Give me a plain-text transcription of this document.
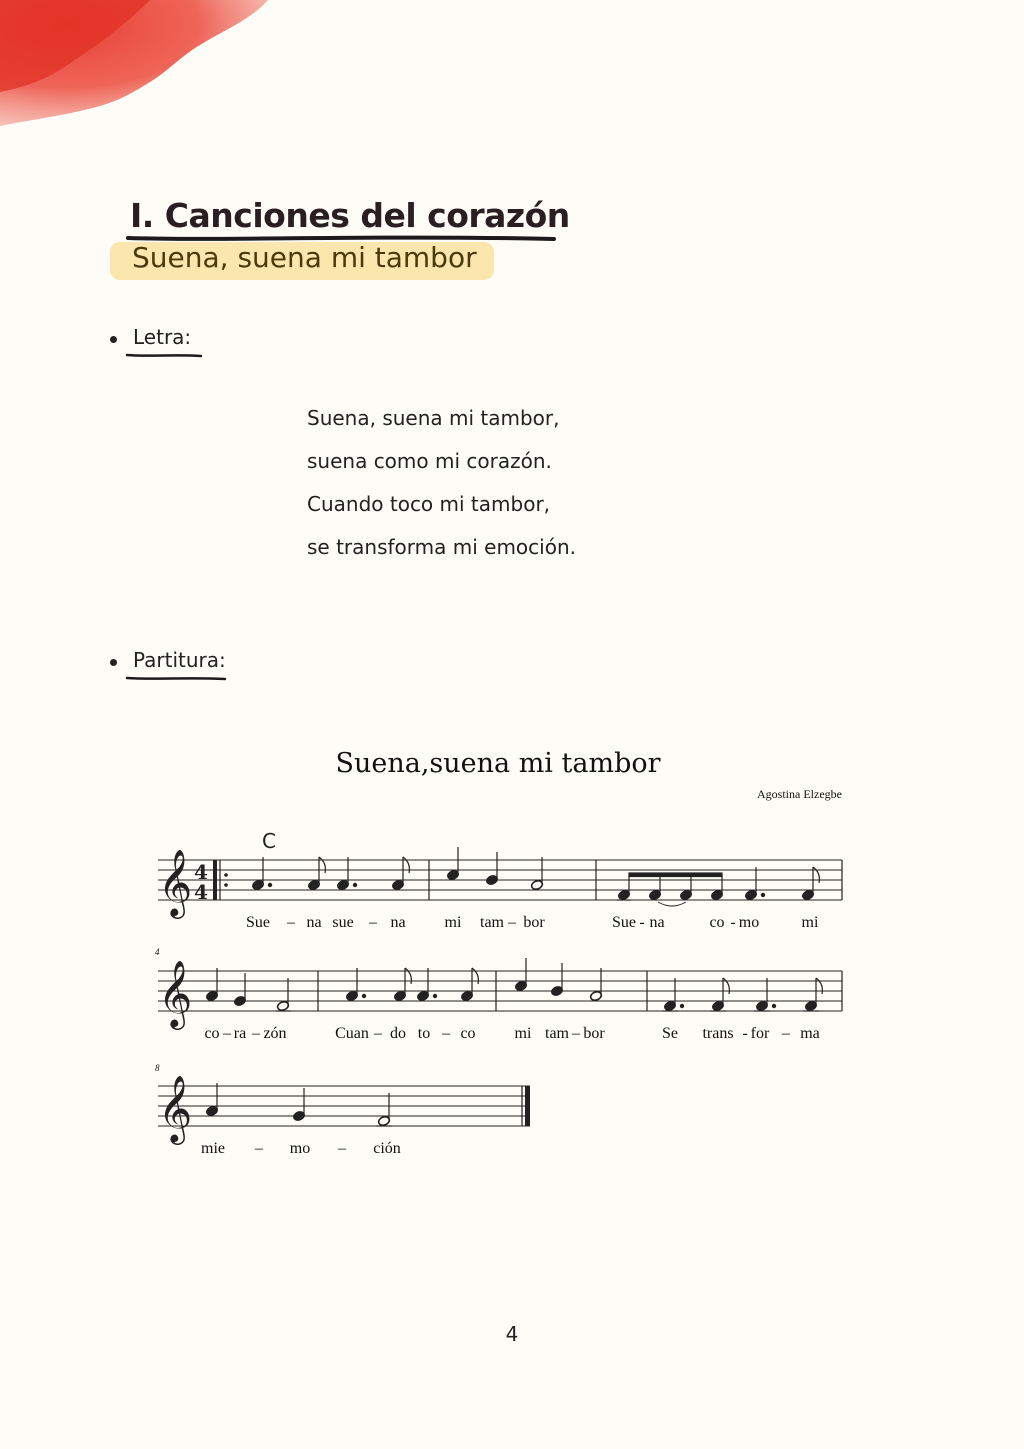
I. Canciones del corazón
Suena, suena mi tambor
Letra:
Suena, suena mi tambor,
suena como mi corazón.
Cuando toco mi tambor,
se transforma mi emoción.
Partitura:
Suena,suena mi tambor
Agostina Elzegbe
𝄞
𝄞
𝄞
4
4
C
4
8
Sue – na sue – na mi tam – bor	Sue - na	co - mo	mi
co – ra – zón	Cuan – do to – co mi tam – bor	Se trans - for – ma
mie – mo – ción
4
